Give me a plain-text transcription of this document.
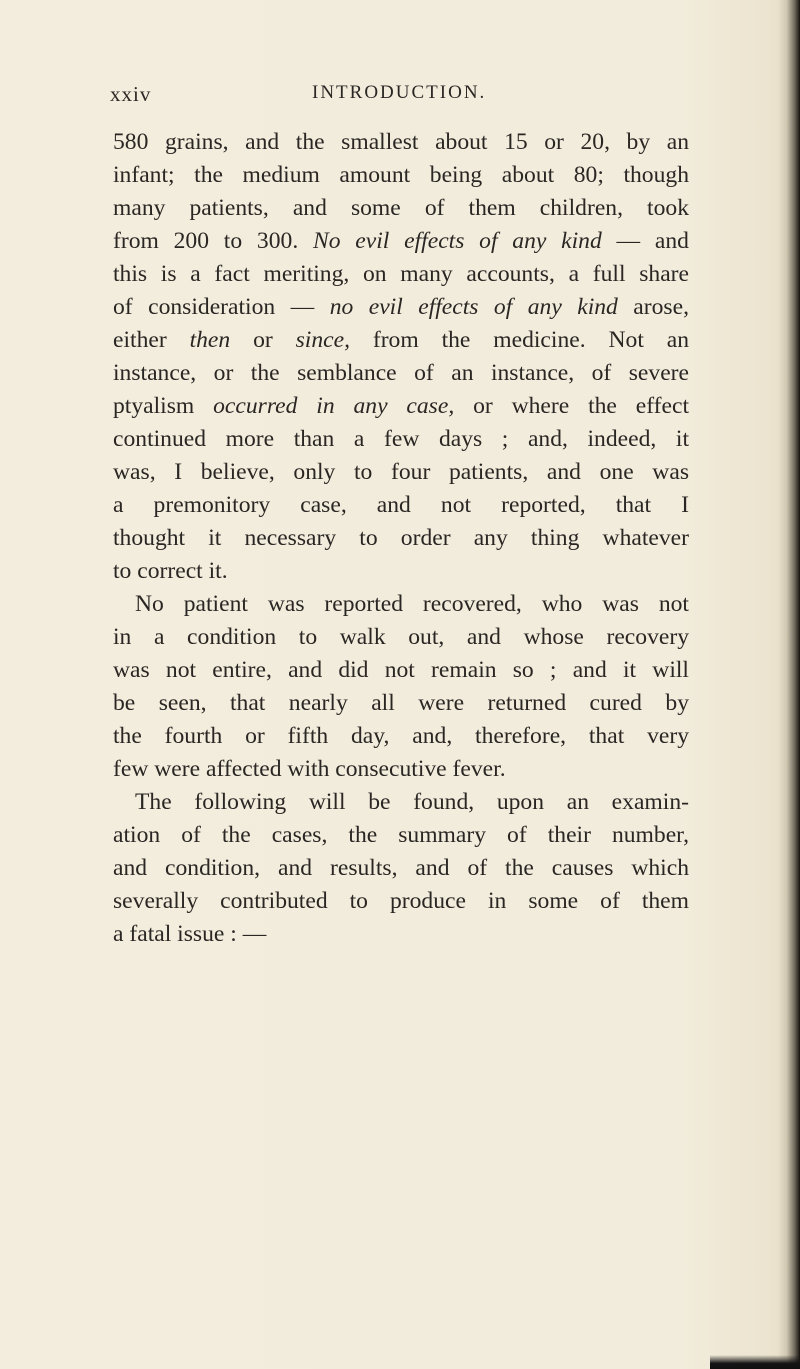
xxiv	INTRODUCTION.
580 grains, and the smallest about 15 or 20, by an
infant; the medium amount being about 80; though
many patients, and some of them children, took
from 200 to 300. No evil effects of any kind — and
this is a fact meriting, on many accounts, a full share
of consideration — no evil effects of any kind arose,
either then or since, from the medicine. Not an
instance, or the semblance of an instance, of severe
ptyalism occurred in any case, or where the effect
continued more than a few days ; and, indeed, it
was, I believe, only to four patients, and one was
a premonitory case, and not reported, that I
thought it necessary to order any thing whatever
to correct it.
No patient was reported recovered, who was not
in a condition to walk out, and whose recovery
was not entire, and did not remain so ; and it will
be seen, that nearly all were returned cured by
the fourth or fifth day, and, therefore, that very
few were affected with consecutive fever.
The following will be found, upon an examin-
ation of the cases, the summary of their number,
and condition, and results, and of the causes which
severally contributed to produce in some of them
a fatal issue : —
